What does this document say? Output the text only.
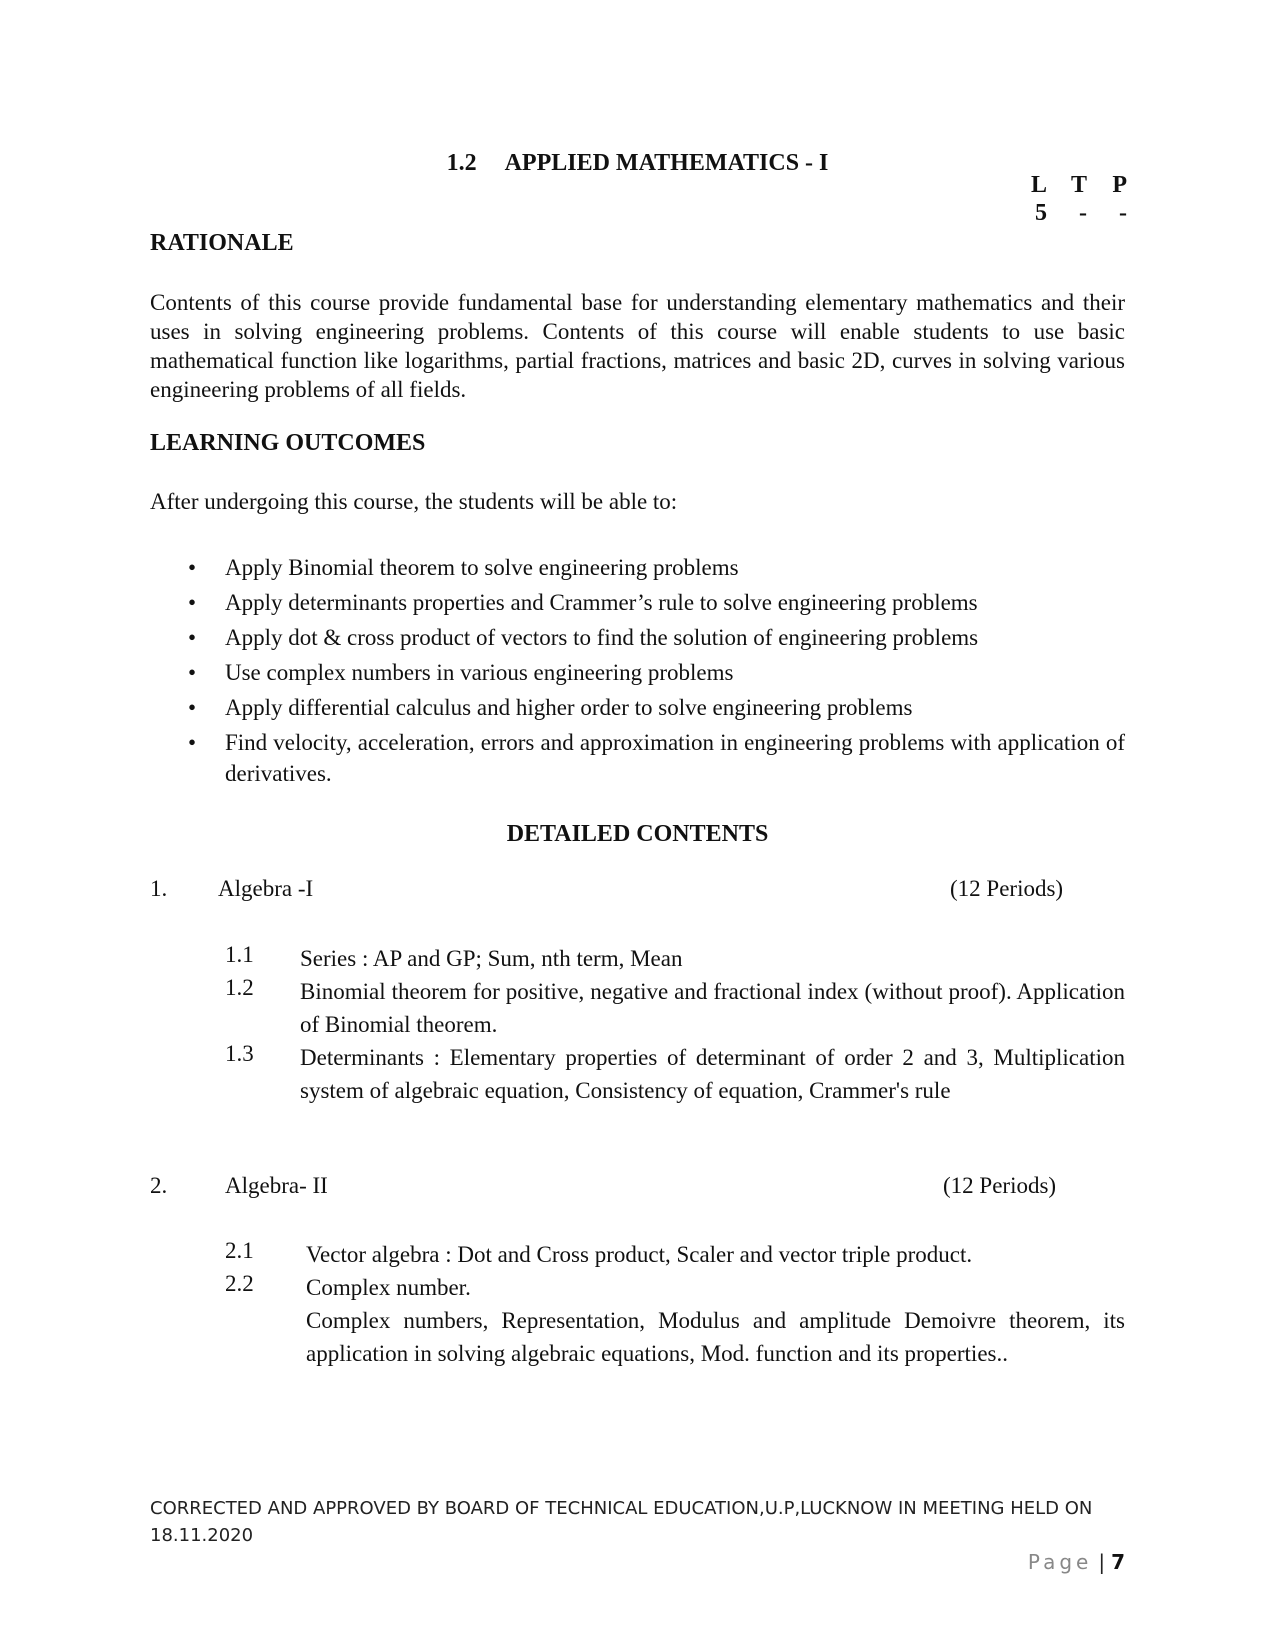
1.2 APPLIED MATHEMATICS - I
L T P
5 - -
RATIONALE

Contents of this course provide fundamental base for understanding elementary mathematics and their uses in solving engineering problems. Contents of this course will enable students to use basic mathematical function like logarithms, partial fractions, matrices and basic 2D, curves in solving various engineering problems of all fields.

LEARNING OUTCOMES
After undergoing this course, the students will be able to:
• Apply Binomial theorem to solve engineering problems
• Apply determinants properties and Crammer’s rule to solve engineering problems
• Apply dot & cross product of vectors to find the solution of engineering problems
• Use complex numbers in various engineering problems
• Apply differential calculus and higher order to solve engineering problems
• Find velocity, acceleration, errors and approximation in engineering problems with application of derivatives.
DETAILED CONTENTS
1. Algebra -I	(12 Periods)
1.1 Series : AP and GP; Sum, nth term, Mean
1.2 Binomial theorem for positive, negative and fractional index (without proof). Application of Binomial theorem.
1.3 Determinants : Elementary properties of determinant of order 2 and 3, Multiplication system of algebraic equation, Consistency of equation, Crammer's rule
2.	Algebra- II	(12 Periods)
2.1 Vector algebra : Dot and Cross product, Scaler and vector triple product.
2.2 Complex number.
Complex numbers, Representation, Modulus and amplitude Demoivre theorem, its application in solving algebraic equations, Mod. function and its properties..
CORRECTED AND APPROVED BY BOARD OF TECHNICAL EDUCATION,U.P,LUCKNOW IN MEETING HELD ON
18.11.2020
Page | 7
